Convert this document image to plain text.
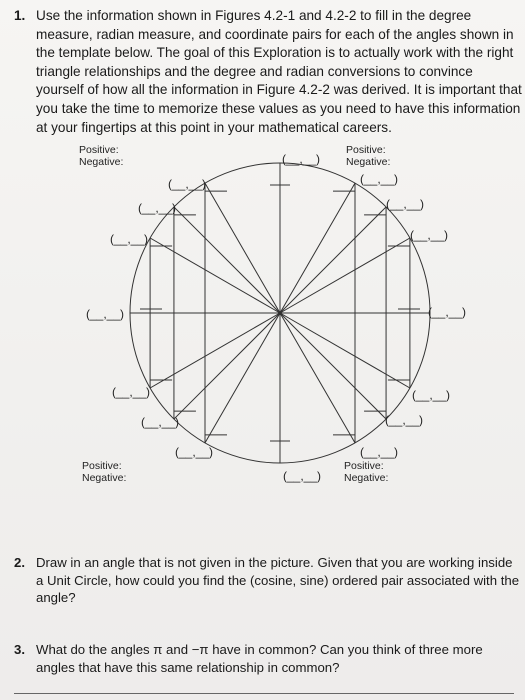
1. Use the information shown in Figures 4.2-1 and 4.2-2 to fill in the degree measure, radian measure, and coordinate pairs for each of the angles shown in the template below. The goal of this Exploration is to actually work with the right triangle relationships and the degree and radian conversions to convince yourself of how all the information in Figure 4.2-2 was derived. It is important that you take the time to memorize these values as you need to have this information at your fingertips at this point in your mathematical careers.
Positive:
Negative:
Positive:
Negative:
Positive:
Negative:
Positive:
Negative:
(__,__)
(__,__)
(__,__)
(__,__)
(__,__)
(__,__)
(__,__)
(__,__)
(__,__)
(__,__)
(__,__)
(__,__)
(__,__)
(__,__)
(__,__)
(__,__)
2. Draw in an angle that is not given in the picture. Given that you are working inside a Unit Circle, how could you find the (cosine, sine) ordered pair associated with the angle?
3. What do the angles π and −π have in common? Can you think of three more angles that have this same relationship in common?
